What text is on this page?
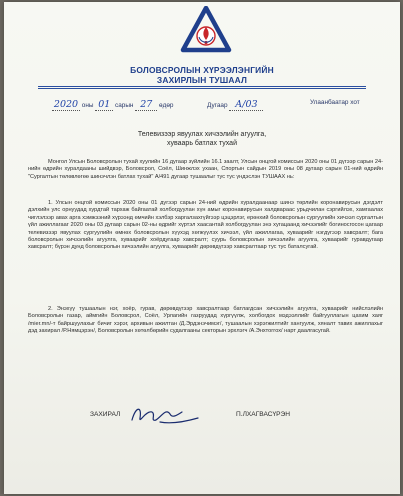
БОЛОВСРОЛЫН ХҮРЭЭЛЭНГИЙН
ЗАХИРЛЫН ТУШААЛ
2020 оны 01 сарын 27 өдөр	Дугаар А/03	Улаанбаатар хот
Телевизээр явуулах хичээлийн агуулга,
хуваарь батлах тухай
Монгол Улсын Боловсролын тухай хуулийн 16 дугаар зүйлийн 16.1 заалт, Улсын онцгой комиссын 2020 оны 01 дүгээр сарын 24-нийн өдрийн хуралдааны шийдвэр, Боловсрол, Соёл, Шинжлэх ухаан, Спортын сайдын 2019 оны 08 дугаар сарын 01-ний өдрийн "Сургалтын төлөвлөгөө шинэчлэн батлах тухай" А/491 дугаар тушаалыг тус тус үндэслэн ТУШААХ нь:
1. Улсын онцгой комиссын 2020 оны 01 дүгээр сарын 24-ний өдрийн хуралдаанаар шинэ төрлийн коронавирусын дэгдэлт дэлхийн улс орнуудад хурдтай тархаж байгаатай холбогдуулан хүн амыг коронавирусын халдвараас урьдчилан сэргийлэх, хамгаалах чиглэлээр авах арга хэмжээний хүрээнд өмчийн хэлбэр харгалзахгүйгээр цэцэрлэг, ерөнхий боловсролын сургуулийн хичээл сургалтын үйл ажиллагааг 2020 оны 03 дугаар сарын 02-ны өдрийг хүртэл хаасантай холбогдуулан энэ хугацаанд хичээлийг богиносгосон цагаар телевизээр явуулах сургуулийн өмнөх боловсролын хүүхэд хөгжүүлэх хичээл, үйл ажиллагаа, хуваарийг нэгдүгээр хавсралт; бага боловсролын хичээлийн агуулга, хуваарийг хоёрдугаар хавсралт; суурь боловсролын хичээлийн агуулга, хуваарийг гуравдугаар хавсралт; бүрэн дунд боловсролын хичээлийн агуулга, хуваарийг дөрөвдүгээр хавсралтаар тус тус баталсугай.
2. Энэхүү тушаалын нэг, хоёр, гурав, дөрөвдүгээр хавсралтаар батлагдсан хичээлийн агуулга, хуваарийг нийслэлийн Боловсролын газар, аймгийн Боловсрол, Соёл, Урлагийн газруудад хүргүүлж, холбогдох мэдээллийг байгууллагын цахим хаяг /mier.mn/-т байршуулахыг бичиг хэрэг, архивын ажилтан /Д.Эрдэнэчимэг/, тушаалын хэрэгжилтийг хангуулж, хяналт тавих ажиллахыг дэд захирал /Р.Нямцэрэн/, Боловсролын хөтөлбөрийн судалгааны секторын эрхлэгч /А.Энхтоггох/ нарт даалгасугай.
ЗАХИРАЛ	П.ЛХАГВАСҮРЭН
